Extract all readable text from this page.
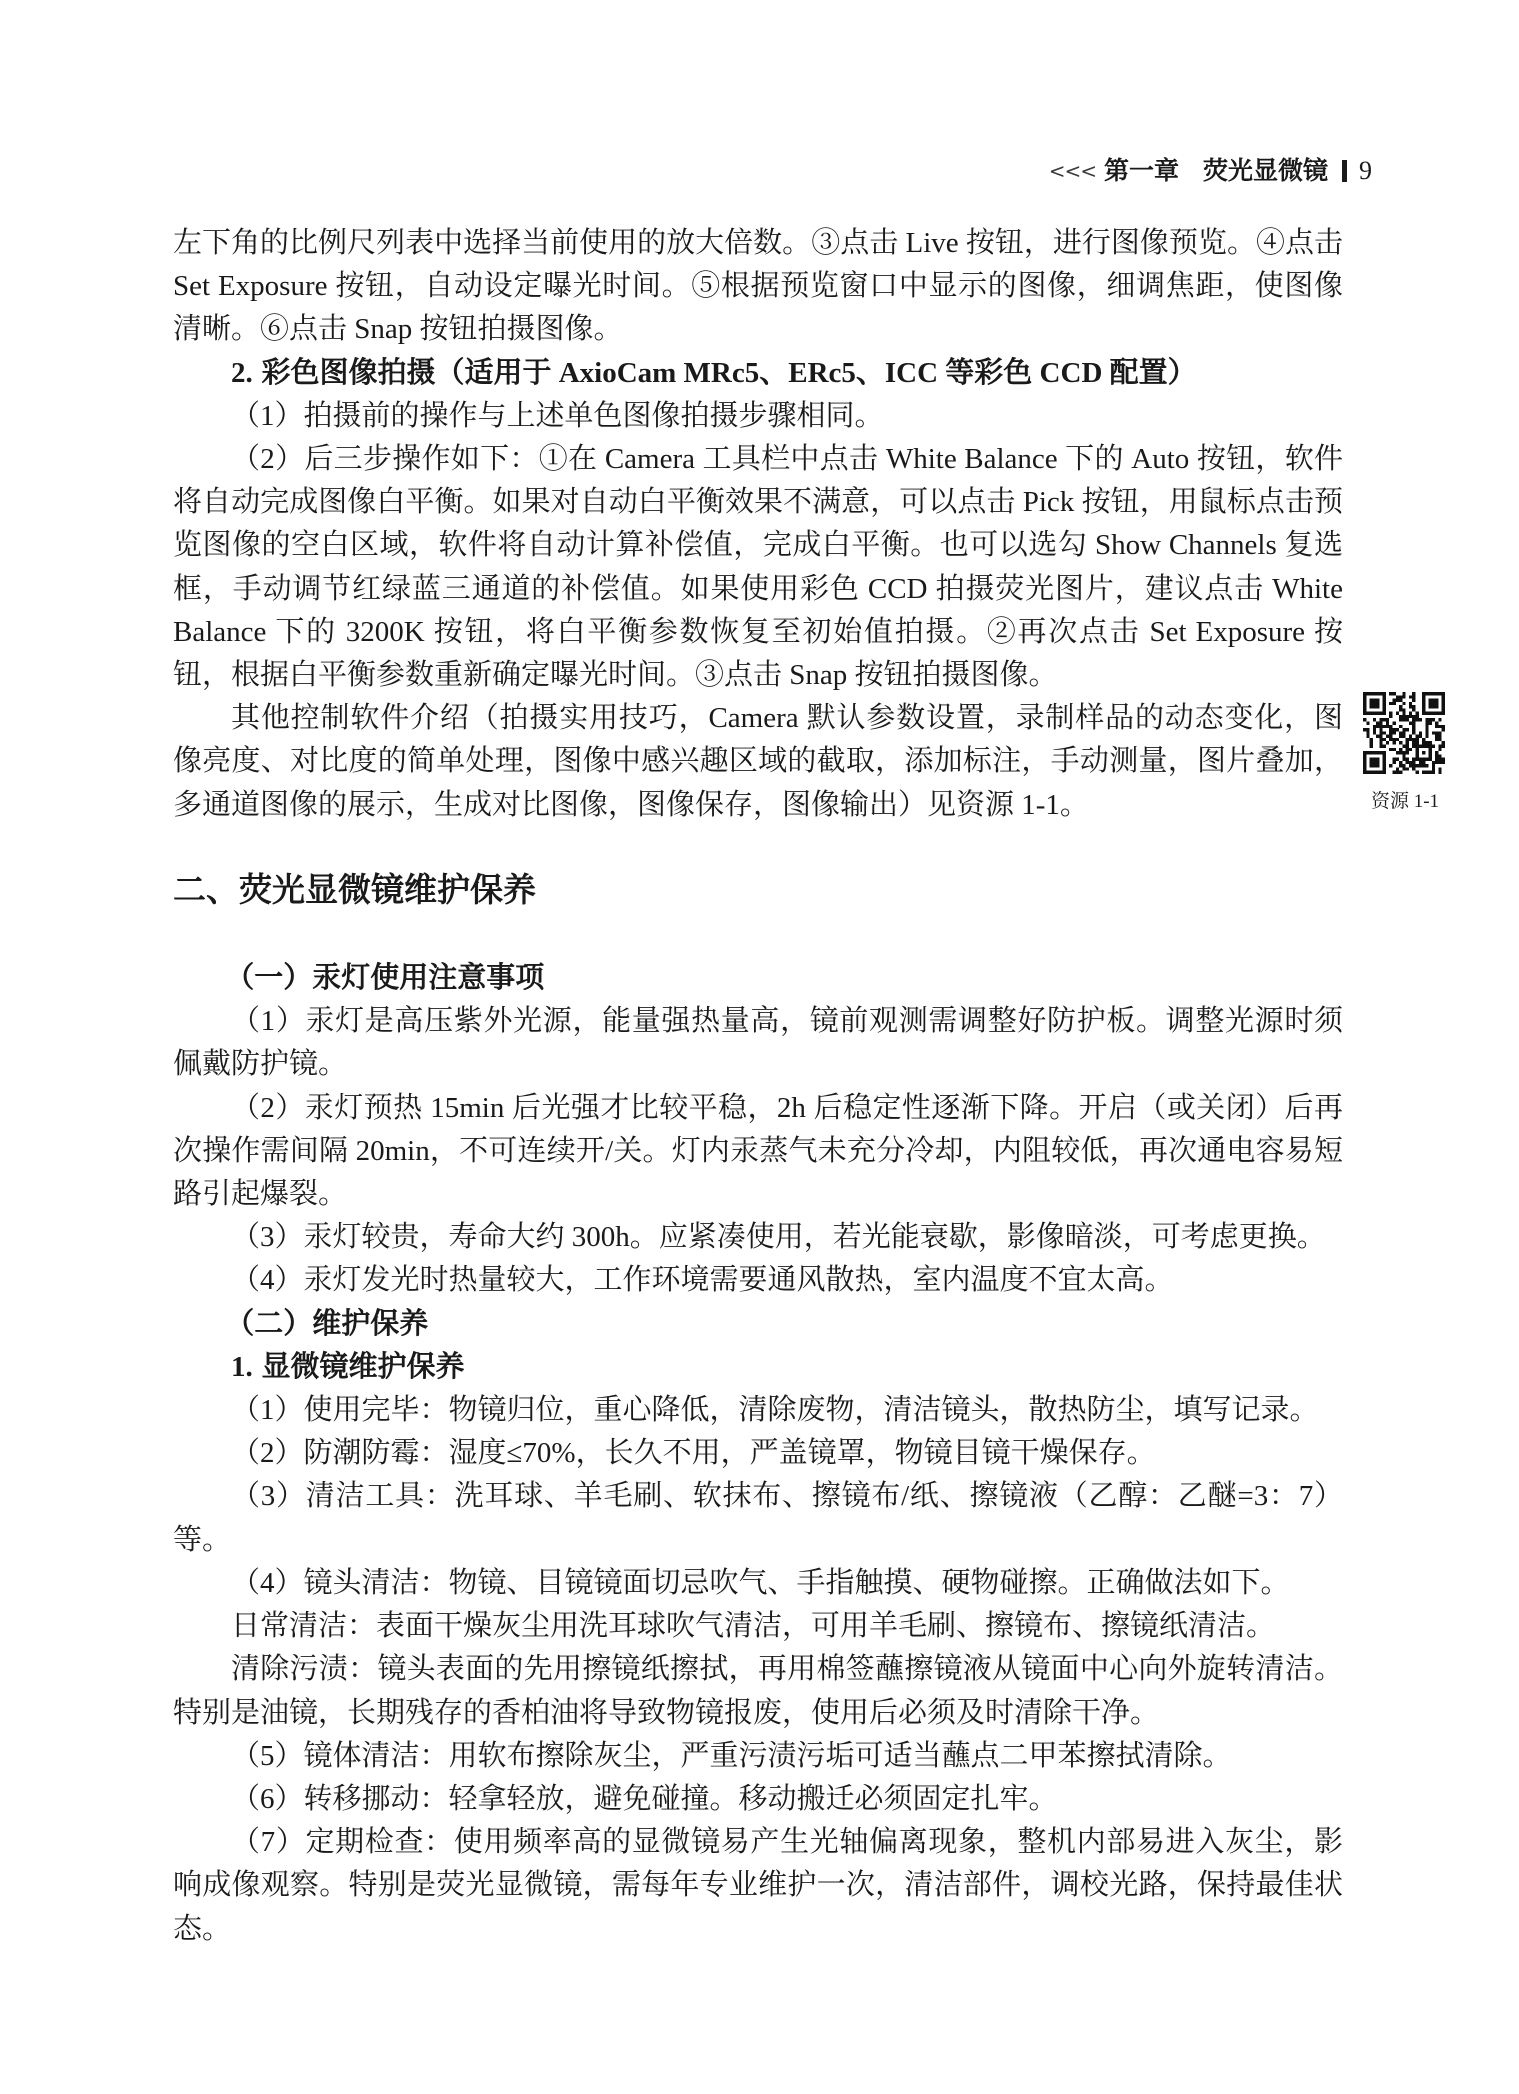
<<< 第一章 荧光显微镜 9

左下角的比例尺列表中选择当前使用的放大倍数。③点击 Live 按钮，进行图像预览。④点击 Set Exposure 按钮，自动设定曝光时间。⑤根据预览窗口中显示的图像，细调焦距，使图像清晰。⑥点击 Snap 按钮拍摄图像。

2. 彩色图像拍摄（适用于 AxioCam MRc5、ERc5、ICC 等彩色 CCD 配置）

（1）拍摄前的操作与上述单色图像拍摄步骤相同。

（2）后三步操作如下：①在 Camera 工具栏中点击 White Balance 下的 Auto 按钮，软件将自动完成图像白平衡。如果对自动白平衡效果不满意，可以点击 Pick 按钮，用鼠标点击预览图像的空白区域，软件将自动计算补偿值，完成白平衡。也可以选勾 Show Channels 复选框，手动调节红绿蓝三通道的补偿值。如果使用彩色 CCD 拍摄荧光图片，建议点击 White Balance 下的 3200K 按钮，将白平衡参数恢复至初始值拍摄。②再次点击 Set Exposure 按钮，根据白平衡参数重新确定曝光时间。③点击 Snap 按钮拍摄图像。

其他控制软件介绍（拍摄实用技巧，Camera 默认参数设置，录制样品的动态变化，图像亮度、对比度的简单处理，图像中感兴趣区域的截取，添加标注，手动测量，图片叠加，多通道图像的展示，生成对比图像，图像保存，图像输出）见资源 1-1。

二、荧光显微镜维护保养
（一）汞灯使用注意事项

（1）汞灯是高压紫外光源，能量强热量高，镜前观测需调整好防护板。调整光源时须佩戴防护镜。

（2）汞灯预热 15min 后光强才比较平稳，2h 后稳定性逐渐下降。开启（或关闭）后再次操作需间隔 20min，不可连续开/关。灯内汞蒸气未充分冷却，内阻较低，再次通电容易短路引起爆裂。

（3）汞灯较贵，寿命大约 300h。应紧凑使用，若光能衰歇，影像暗淡，可考虑更换。

（4）汞灯发光时热量较大，工作环境需要通风散热，室内温度不宜太高。

（二）维护保养
1. 显微镜维护保养

（1）使用完毕：物镜归位，重心降低，清除废物，清洁镜头，散热防尘，填写记录。

（2）防潮防霉：湿度≤70%，长久不用，严盖镜罩，物镜目镜干燥保存。

（3）清洁工具：洗耳球、羊毛刷、软抹布、擦镜布/纸、擦镜液（乙醇：乙醚=3：7）等。

（4）镜头清洁：物镜、目镜镜面切忌吹气、手指触摸、硬物碰擦。正确做法如下。

日常清洁：表面干燥灰尘用洗耳球吹气清洁，可用羊毛刷、擦镜布、擦镜纸清洁。

清除污渍：镜头表面的先用擦镜纸擦拭，再用棉签蘸擦镜液从镜面中心向外旋转清洁。特别是油镜，长期残存的香柏油将导致物镜报废，使用后必须及时清除干净。

（5）镜体清洁：用软布擦除灰尘，严重污渍污垢可适当蘸点二甲苯擦拭清除。

（6）转移挪动：轻拿轻放，避免碰撞。移动搬迁必须固定扎牢。

（7）定期检查：使用频率高的显微镜易产生光轴偏离现象，整机内部易进入灰尘，影响成像观察。特别是荧光显微镜，需每年专业维护一次，清洁部件，调校光路，保持最佳状态。

资源 1-1
